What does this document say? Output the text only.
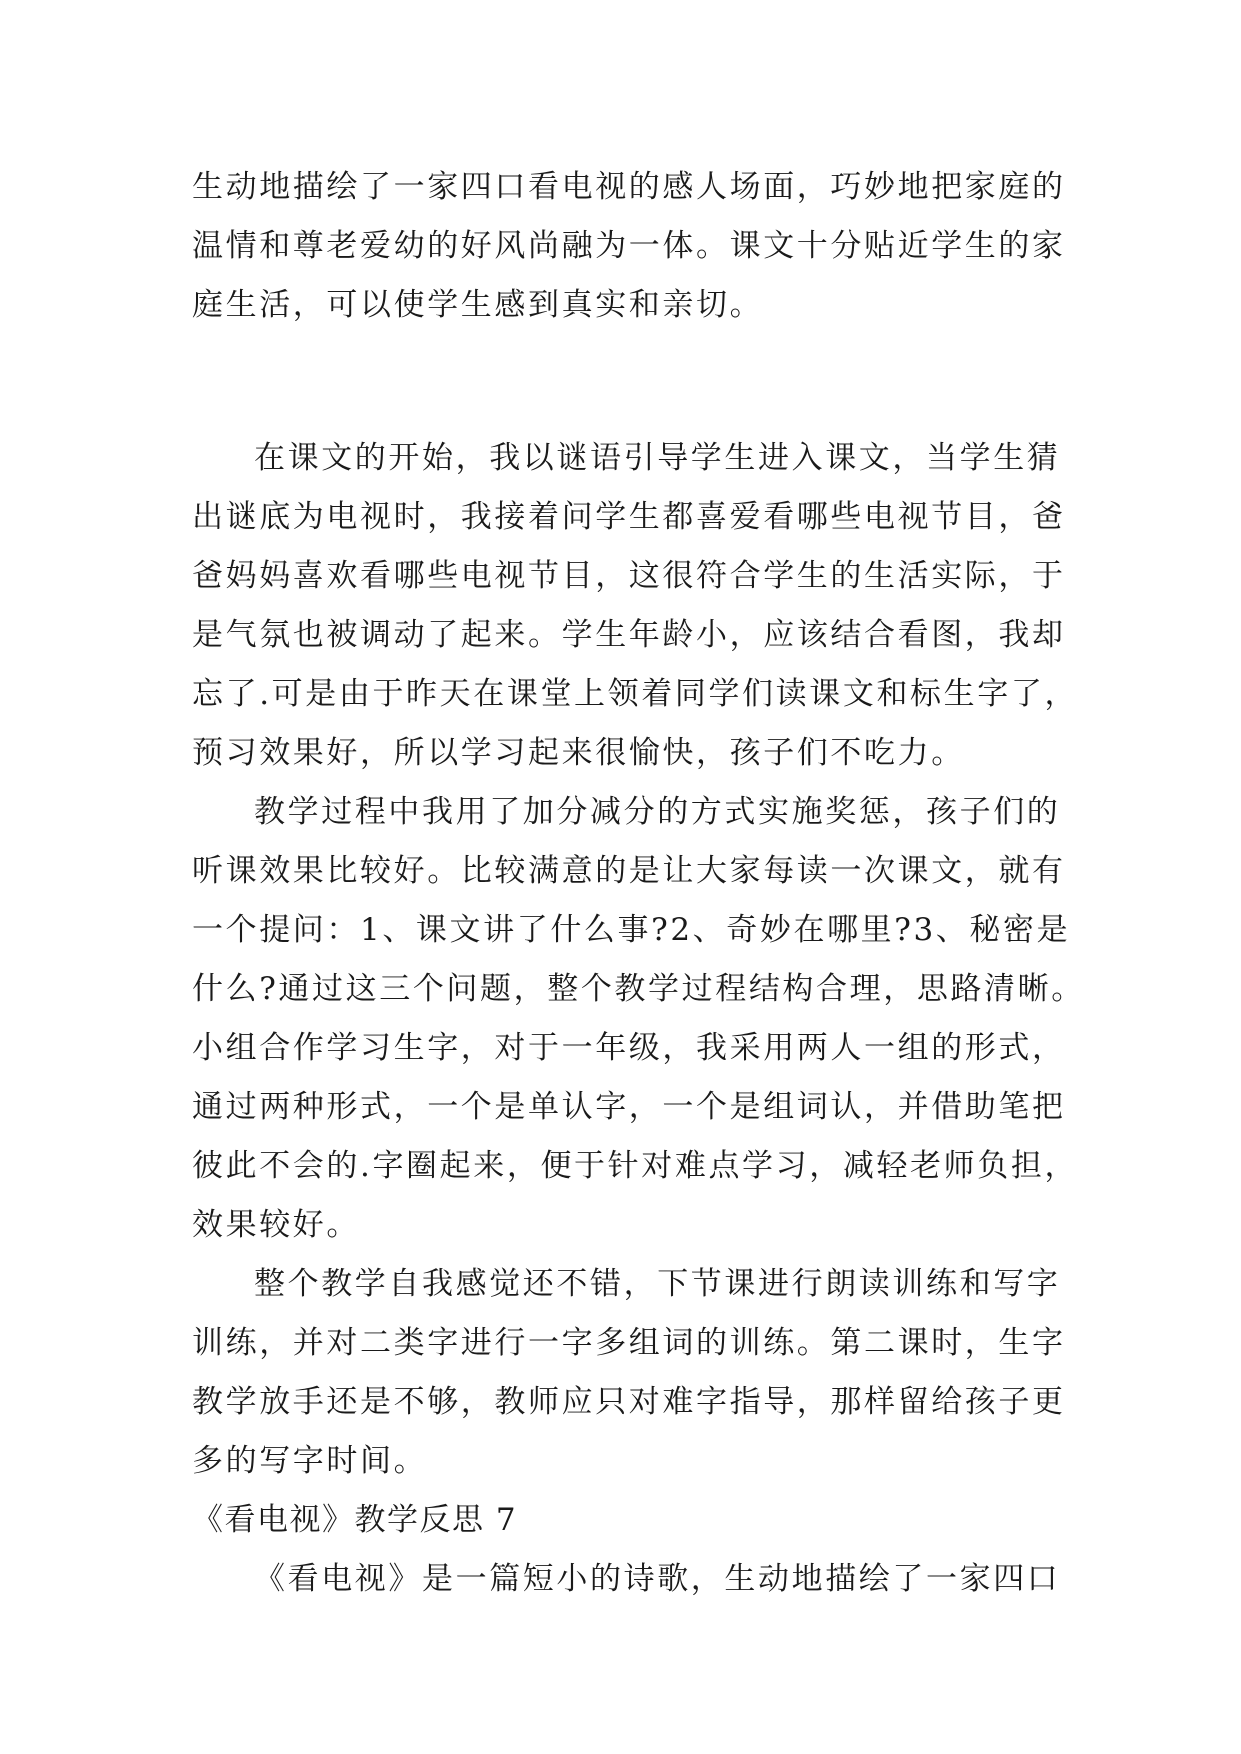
生动地描绘了一家四口看电视的感人场面，巧妙地把家庭的
温情和尊老爱幼的好风尚融为一体。课文十分贴近学生的家
庭生活，可以使学生感到真实和亲切。
在课文的开始，我以谜语引导学生进入课文，当学生猜
出谜底为电视时，我接着问学生都喜爱看哪些电视节目，爸
爸妈妈喜欢看哪些电视节目，这很符合学生的生活实际，于
是气氛也被调动了起来。学生年龄小，应该结合看图，我却
忘了.可是由于昨天在课堂上领着同学们读课文和标生字了，
预习效果好，所以学习起来很愉快，孩子们不吃力。
教学过程中我用了加分减分的方式实施奖惩，孩子们的
听课效果比较好。比较满意的是让大家每读一次课文，就有
一个提问：1、课文讲了什么事?2、奇妙在哪里?3、秘密是
什么?通过这三个问题，整个教学过程结构合理，思路清晰。
小组合作学习生字，对于一年级，我采用两人一组的形式，
通过两种形式，一个是单认字，一个是组词认，并借助笔把
彼此不会的.字圈起来，便于针对难点学习，减轻老师负担，
效果较好。
整个教学自我感觉还不错，下节课进行朗读训练和写字
训练，并对二类字进行一字多组词的训练。第二课时，生字
教学放手还是不够，教师应只对难字指导，那样留给孩子更
多的写字时间。
《看电视》教学反思 7
《看电视》是一篇短小的诗歌，生动地描绘了一家四口
